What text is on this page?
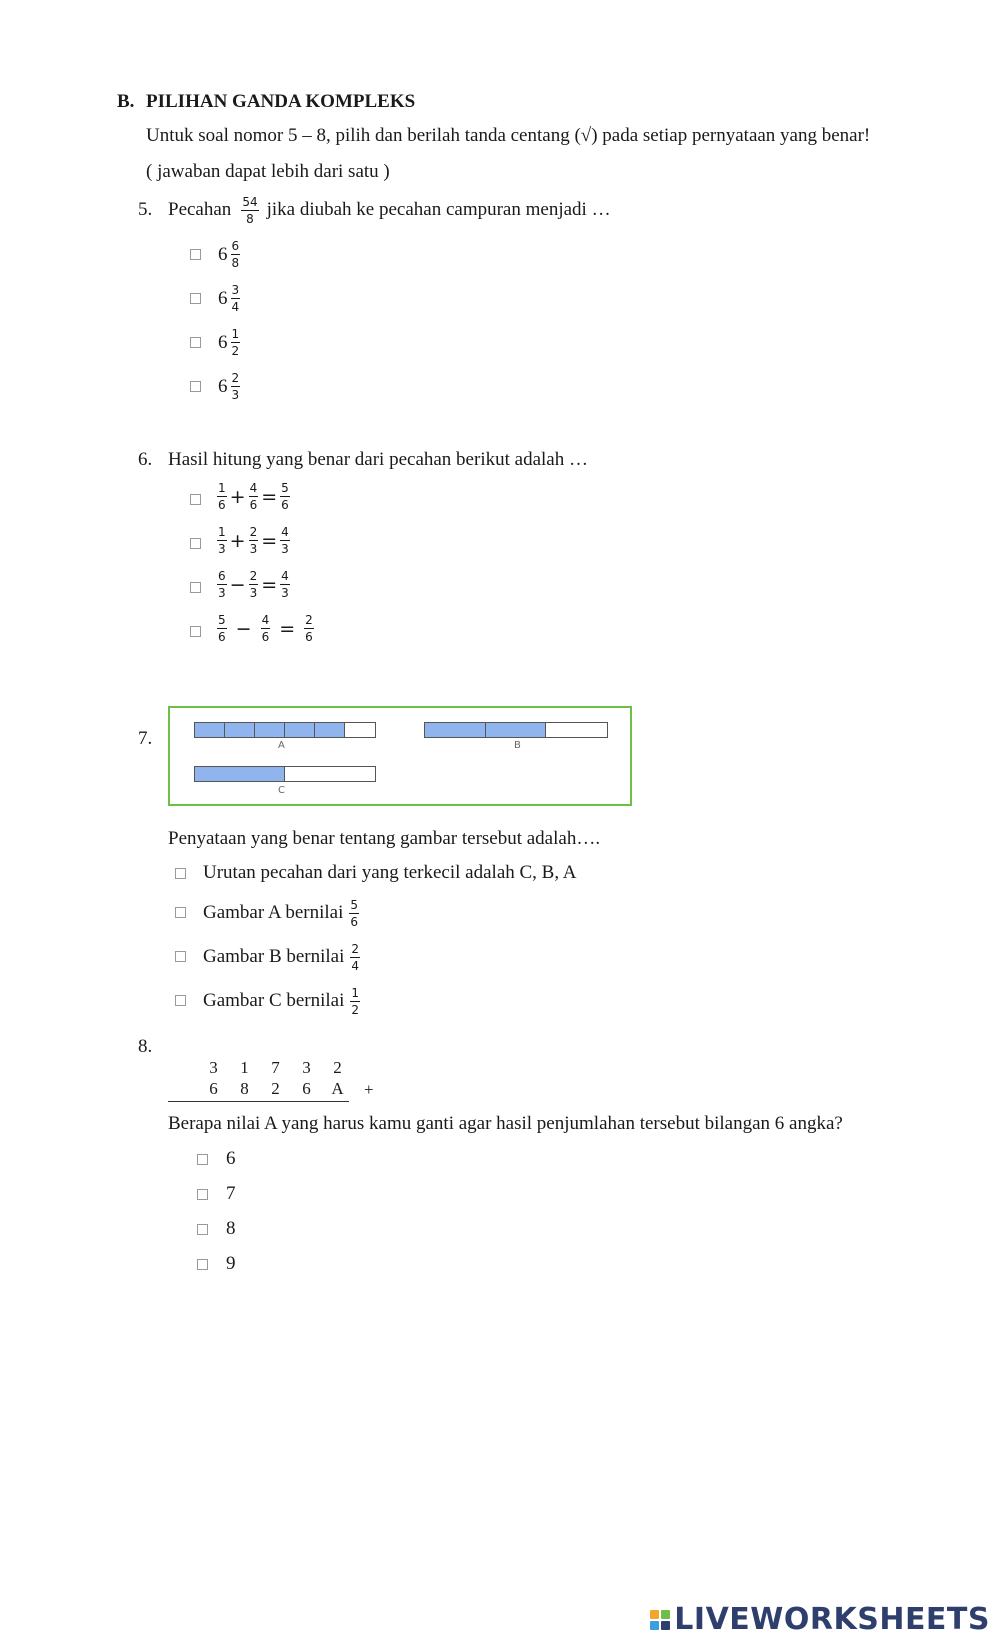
B. PILIHAN GANDA KOMPLEKS
Untuk soal nomor 5 – 8, pilih dan berilah tanda centang (√) pada setiap pernyataan yang benar!
( jawaban dapat lebih dari satu )
5. Pecahan $\frac{54}{8}$ jika diubah ke pecahan campuran menjadi …
$6 \frac{6}{8}$
$6 \frac{3}{4}$
$6 \frac{1}{2}$
$6 \frac{2}{3}$
6. Hasil hitung yang benar dari pecahan berikut adalah …
$\frac{1}{6} + \frac{4}{6} = \frac{5}{6}$
$\frac{1}{3} + \frac{2}{3} = \frac{4}{3}$
$\frac{6}{3} - \frac{2}{3} = \frac{4}{3}$
$\frac{5}{6} - \frac{4}{6} = \frac{2}{6}$
7.	A	B
C
Penyataan yang benar tentang gambar tersebut adalah….
Urutan pecahan dari yang terkecil adalah C, B, A
Gambar A bernilai $\frac{5}{6}$
Gambar B bernilai $\frac{2}{4}$
Gambar C bernilai $\frac{1}{2}$
8.
3 1 7 3 2
6 8 2 6 A	+
Berapa nilai A yang harus kamu ganti agar hasil penjumlahan tersebut bilangan 6 angka?
6
7
8
9
LIVEWORKSHEETS
